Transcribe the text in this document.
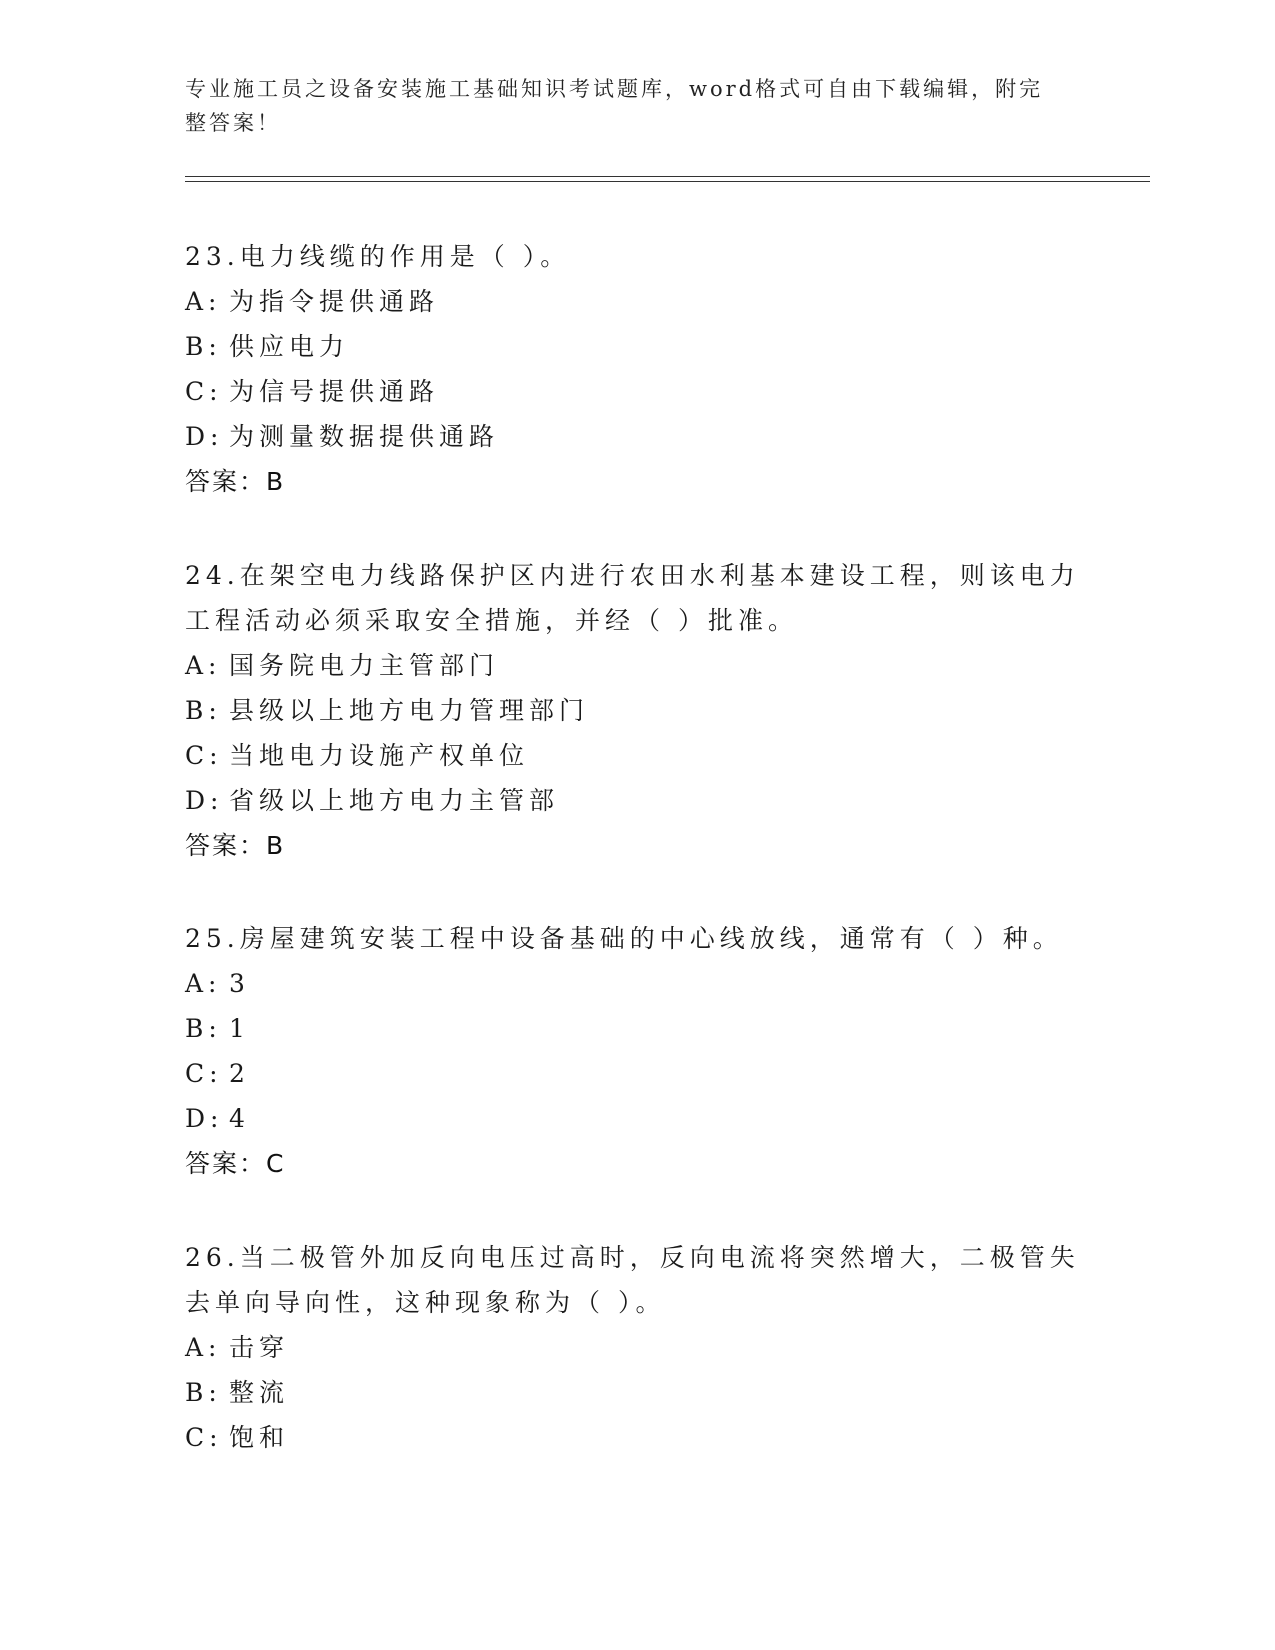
专业施工员之设备安装施工基础知识考试题库，word格式可自由下载编辑，附完整答案！

23.电力线缆的作用是（ ）。

A: 为指令提供通路
B: 供应电力
C: 为信号提供通路
D: 为测量数据提供通路

答案：B

24.在架空电力线路保护区内进行农田水利基本建设工程，则该电力工程活动必须采取安全措施，并经（ ）批准。

A: 国务院电力主管部门
B: 县级以上地方电力管理部门
C: 当地电力设施产权单位
D: 省级以上地方电力主管部

答案：B

25.房屋建筑安装工程中设备基础的中心线放线，通常有（ ）种。

A: 3
B: 1
C: 2
D: 4

答案：C

26.当二极管外加反向电压过高时，反向电流将突然增大，二极管失去单向导向性，这种现象称为（ ）。

A: 击穿
B: 整流
C: 饱和
